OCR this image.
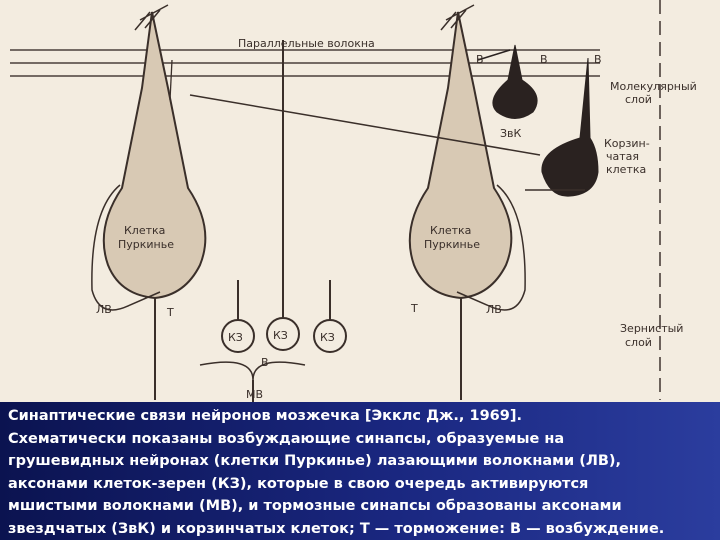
Параллельные волокна
Молекулярный
слой
Зернистый
слой
Корзин-
чатая
клетка
ЗвК
Клетка
Пуркинье
Клетка
Пуркинье
КЗ	КЗ	КЗ
ЛВ	ЛВ
МВ
В	В	В
В
Т	Т

Синаптические связи нейронов мозжечка [Экклс Дж., 1969].

Схематически показаны возбуждающие синапсы, образуемые на

грушевидных нейронах (клетки Пуркинье) лазающими волокнами (ЛВ),

аксонами клеток-зерен (КЗ), которые в свою очередь активируются

мшистыми волокнами (МВ), и тормозные синапсы образованы аксонами

звездчатых (ЗвК) и корзинчатых клеток; Т — торможение: В — возбуждение.
